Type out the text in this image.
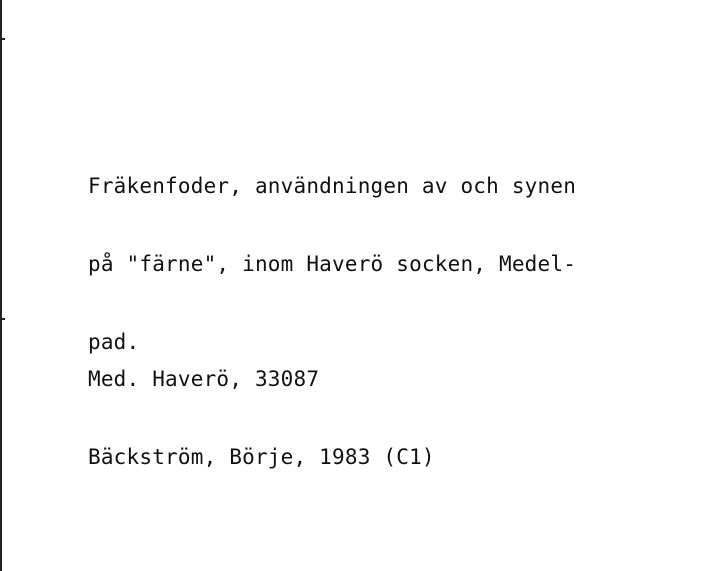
Fräkenfoder, användningen av och synen

på "färne", inom Haverö socken, Medel-

pad.

Med. Haverö, 33087

Bäckström, Börje, 1983 (C1)
